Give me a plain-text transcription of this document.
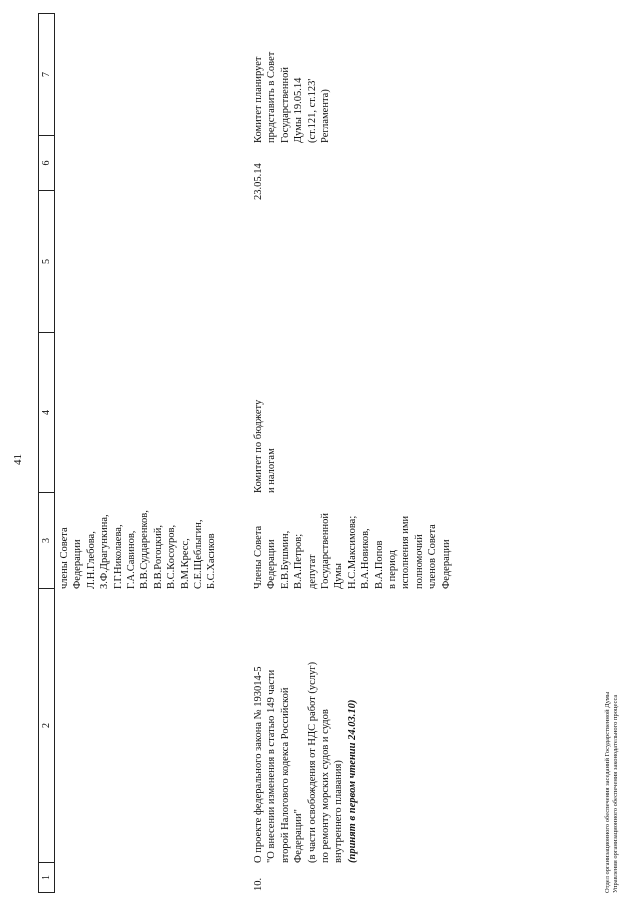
41
1
2
3
4
5
6
7
члены Совета Федерации Л.Н.Глебова, З.Ф.Драгункина, Г.Г.Николаева, Г.А.Савинов, В.В.Суддаренков, В.В.Рогоцкий, В.С.Косоуров, В.М.Кресс, С.Е.Щеблыгин, Б.С.Хасиков
10.
О проекте федерального закона № 193014-5 "О внесении изменения в статью 149 части второй Налогового кодекса Российской Федерации" (в части освобождения от НДС работ (услуг) по ремонту морских судов и судов внутреннего плавания) (принят в первом чтении 24.03.10)
Члены Совета Федерации Е.В.Бушмин, В.А.Петров; депутат Государственной Думы Н.С.Максимова; В.А.Новиков, В.А.Попов в период исполнения ими полномочий членов Совета Федерации
Комитет по бюджету и налогам
23.05.14
Комитет планирует представить в Совет Государственной Думы 19.05.14 (ст.121, ст.123' Регламента)
Отдел организационного обеспечения заседаний Государственной Думы Управления организационного обеспечения законодательного процесса
